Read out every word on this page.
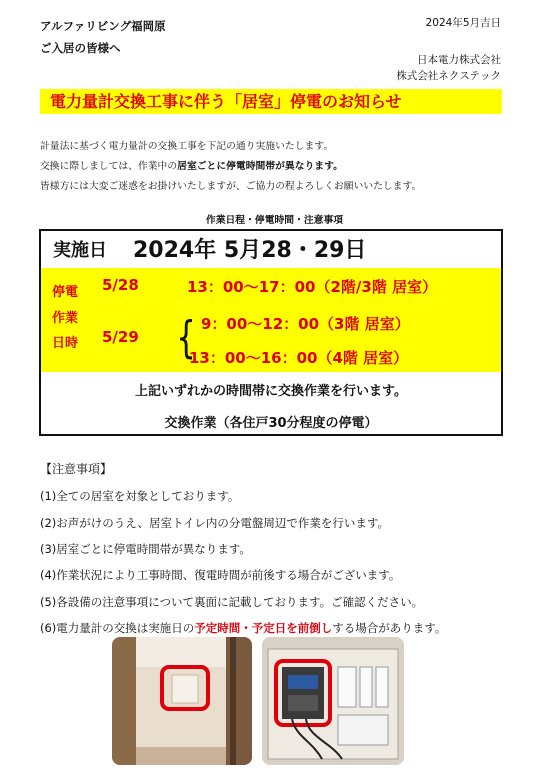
アルファリビング福岡原
ご入居の皆様へ
2024年5月吉日
日本電力株式会社
株式会社ネクステック
電力量計交換工事に伴う「居室」停電のお知らせ
計量法に基づく電力量計の交換工事を下記の通り実施いたします。
交換に際しましては、作業中の居室ごとに停電時間帯が異なります。
皆様方には大変ご迷惑をお掛けいたしますが、ご協力の程よろしくお願いいたします。
作業日程・停電時間・注意事項
実施日 2024年 5月28・29日
停電
作業
日時
5/28	13：00～17：00（2階/3階 居室）
5/29 { 9：00～12：00（3階 居室）
13：00～16：00（4階 居室）
上記いずれかの時間帯に交換作業を行います。
交換作業（各住戸30分程度の停電）
【注意事項】
(1)全ての居室を対象としております。
(2)お声がけのうえ、居室トイレ内の分電盤周辺で作業を行います。
(3)居室ごとに停電時間帯が異なります。
(4)作業状況により工事時間、復電時間が前後する場合がございます。
(5)各設備の注意事項について裏面に記載しております。ご確認ください。
(6)電力量計の交換は実施日の予定時間・予定日を前倒しする場合があります。
